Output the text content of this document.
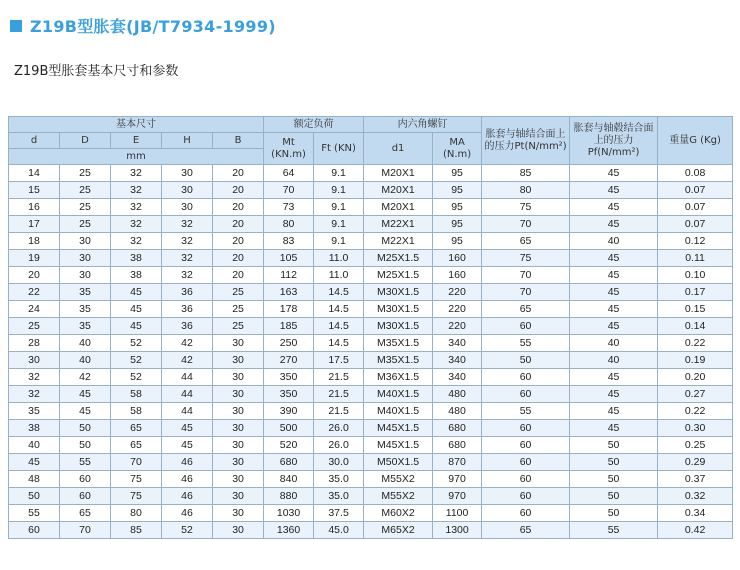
Z19B型胀套(JB/T7934-1999)
Z19B型胀套基本尺寸和参数
基本尺寸					额定负荷		内六角螺钉		胀套与轴结合面上的压力Pt(N/mm²)	胀套与轴毂结合面上的压力Pf(N/mm²)	重量G (Kg)
d	D	E	H	B	Mt (KN.m)	Ft (KN)	d1	MA (N.m)			
mm											
14	25	32	30	20	64	9.1	M20X1	95	85	45	0.08
15	25	32	30	20	70	9.1	M20X1	95	80	45	0.07
16	25	32	30	20	73	9.1	M20X1	95	75	45	0.07
17	25	32	32	20	80	9.1	M22X1	95	70	45	0.07
18	30	32	32	20	83	9.1	M22X1	95	65	40	0.12
19	30	38	32	20	105	11.0	M25X1.5	160	75	45	0.11
20	30	38	32	20	112	11.0	M25X1.5	160	70	45	0.10
22	35	45	36	25	163	14.5	M30X1.5	220	70	45	0.17
24	35	45	36	25	178	14.5	M30X1.5	220	65	45	0.15
25	35	45	36	25	185	14.5	M30X1.5	220	60	45	0.14
28	40	52	42	30	250	14.5	M35X1.5	340	55	40	0.22
30	40	52	42	30	270	17.5	M35X1.5	340	50	40	0.19
32	42	52	44	30	350	21.5	M36X1.5	340	60	45	0.20
32	45	58	44	30	350	21.5	M40X1.5	480	60	45	0.27
35	45	58	44	30	390	21.5	M40X1.5	480	55	45	0.22
38	50	65	45	30	500	26.0	M45X1.5	680	60	45	0.30
40	50	65	45	30	520	26.0	M45X1.5	680	60	50	0.25
45	55	70	46	30	680	30.0	M50X1.5	870	60	50	0.29
48	60	75	46	30	840	35.0	M55X2	970	60	50	0.37
50	60	75	46	30	880	35.0	M55X2	970	60	50	0.32
55	65	80	46	30	1030	37.5	M60X2	1100	60	50	0.34
60	70	85	52	30	1360	45.0	M65X2	1300	65	55	0.42
